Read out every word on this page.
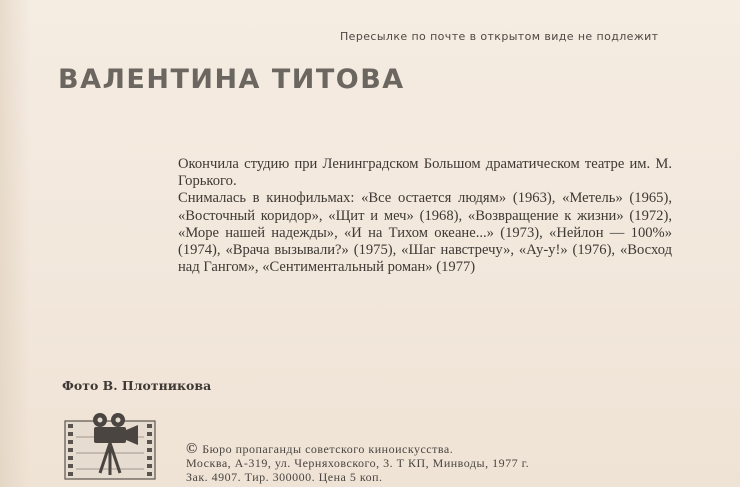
Пересылке по почте в открытом виде не подлежит
ВАЛЕНТИНА ТИТОВА

Окончила студию при Ленинградском Большом драматическом театре им. М. Горького.

Снималась в кинофильмах: «Все остается людям» (1963), «Метель» (1965), «Восточный коридор», «Щит и меч» (1968), «Возвращение к жизни» (1972), «Море нашей надежды», «И на Тихом океане...» (1973), «Нейлон — 100%» (1974), «Врача вызывали?» (1975), «Шаг навстречу», «Ау-у!» (1976), «Восход над Гангом», «Сентиментальный роман» (1977)

Фото В. Плотникова
© Бюро пропаганды советского киноискусства.
Москва, А-319, ул. Черняховского, 3. Т КП, Минводы, 1977 г.
Зак. 4907. Тир. 300000. Цена 5 коп.
